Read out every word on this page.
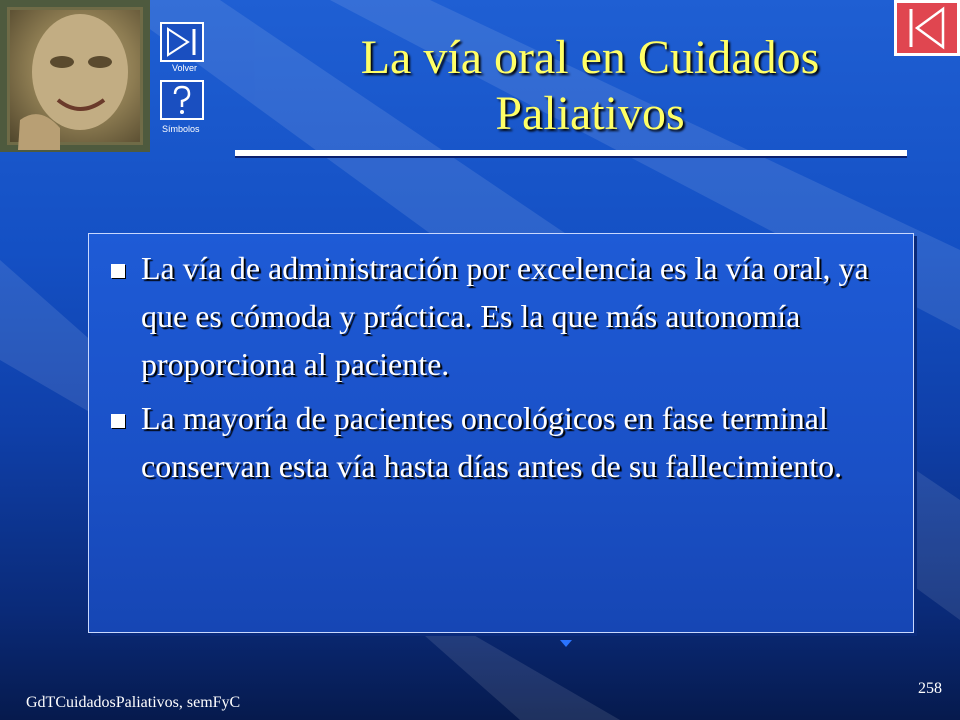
Volver
Símbolos
La vía oral en Cuidados Paliativos
La vía de administración por excelencia es la vía oral, ya que es cómoda y práctica. Es la que más autonomía proporciona al paciente.
La mayoría de pacientes oncológicos en fase terminal conservan esta vía hasta días antes de su fallecimiento.
GdTCuidadosPaliativos, semFyC
258
